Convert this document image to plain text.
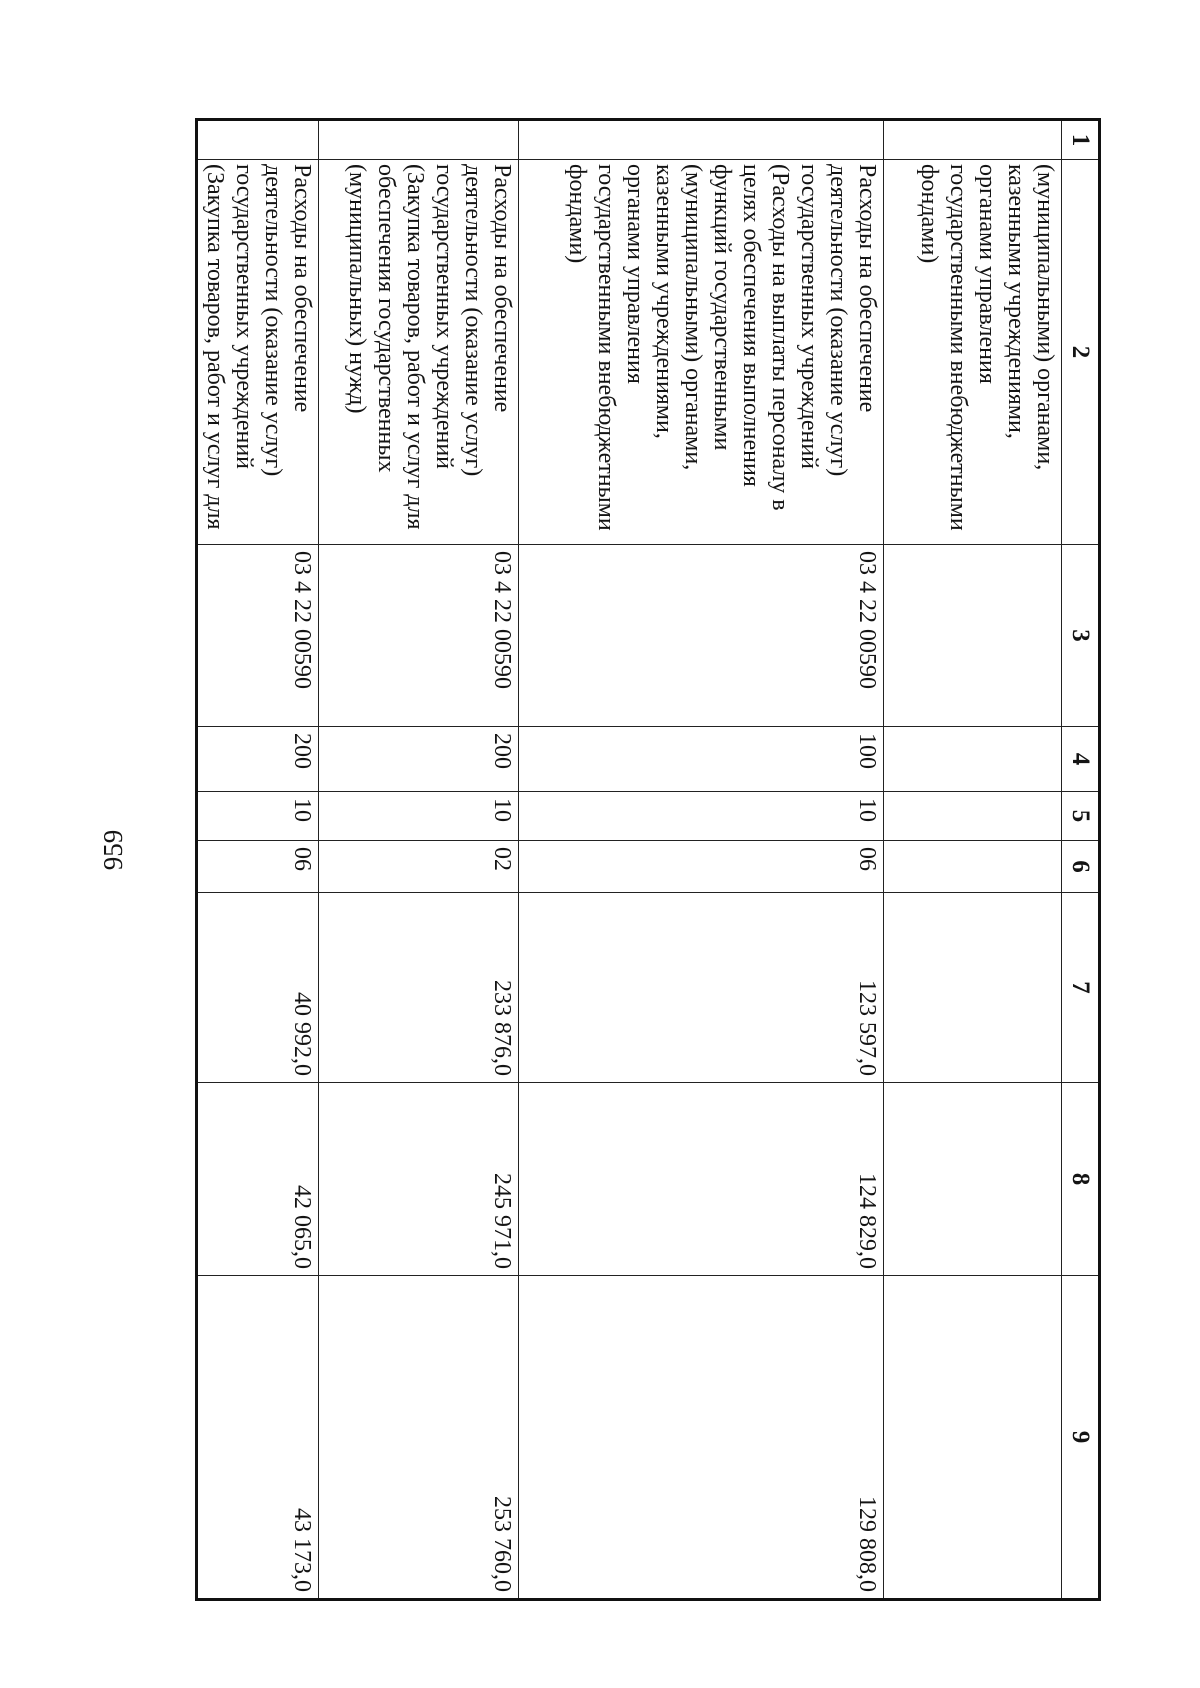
959
1	2	3	4	5	6	7	8	9
	(муниципальными) органами, казенными учреждениями, органами управления государственными внебюджетными фондами)							
	Расходы на обеспечение деятельности (оказание услуг) государственных учреждений (Расходы на выплаты персоналу в целях обеспечения выполнения функций государственными (муниципальными) органами, казенными учреждениями, органами управления государственными внебюджетными фондами)	03 4 22 00590	100	10	06	123 597,0	124 829,0	129 808,0
	Расходы на обеспечение деятельности (оказание услуг) государственных учреждений (Закупка товаров, работ и услуг для обеспечения государственных (муниципальных) нужд)	03 4 22 00590	200	10	02	233 876,0	245 971,0	253 760,0
	Расходы на обеспечение деятельности (оказание услуг) государственных учреждений (Закупка товаров, работ и услуг для	03 4 22 00590	200	10	06	40 992,0	42 065,0	43 173,0
